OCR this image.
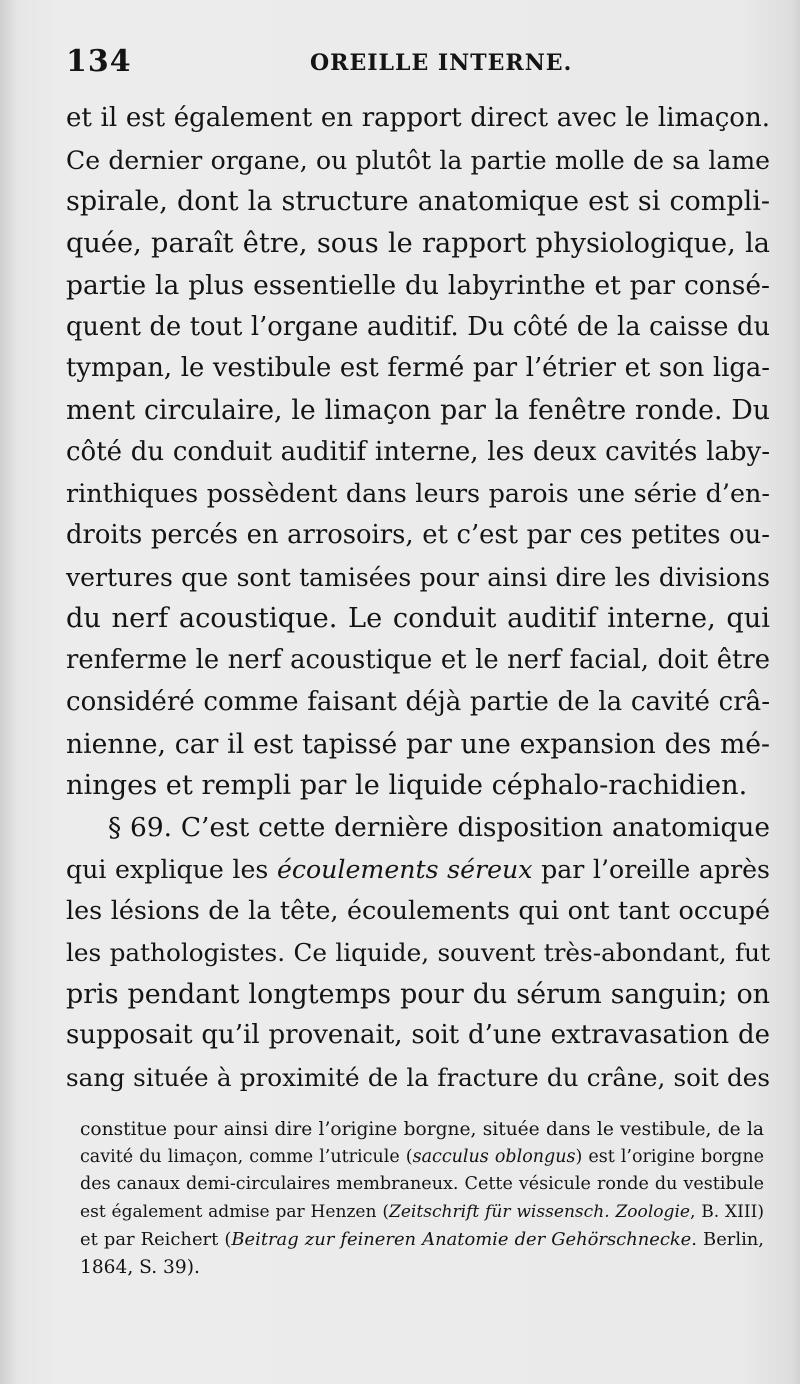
134	OREILLE INTERNE.
et il est également en rapport direct avec le limaçon.
Ce dernier organe, ou plutôt la partie molle de sa lame
spirale, dont la structure anatomique est si compli-
quée, paraît être, sous le rapport physiologique, la
partie la plus essentielle du labyrinthe et par consé-
quent de tout l’organe auditif. Du côté de la caisse du
tympan, le vestibule est fermé par l’étrier et son liga-
ment circulaire, le limaçon par la fenêtre ronde. Du
côté du conduit auditif interne, les deux cavités laby-
rinthiques possèdent dans leurs parois une série d’en-
droits percés en arrosoirs, et c’est par ces petites ou-
vertures que sont tamisées pour ainsi dire les divisions
du nerf acoustique. Le conduit auditif interne, qui
renferme le nerf acoustique et le nerf facial, doit être
considéré comme faisant déjà partie de la cavité crâ-
nienne, car il est tapissé par une expansion des mé-
ninges et rempli par le liquide céphalo-rachidien.
§ 69. C’est cette dernière disposition anatomique
qui explique les écoulements séreux par l’oreille après
les lésions de la tête, écoulements qui ont tant occupé
les pathologistes. Ce liquide, souvent très-abondant, fut
pris pendant longtemps pour du sérum sanguin; on
supposait qu’il provenait, soit d’une extravasation de
sang située à proximité de la fracture du crâne, soit des
constitue pour ainsi dire l’origine borgne, située dans le vestibule, de la
cavité du limaçon, comme l’utricule (sacculus oblongus) est l’origine borgne
des canaux demi-circulaires membraneux. Cette vésicule ronde du vestibule
est également admise par Henzen (Zeitschrift für wissensch. Zoologie, B. XIII)
et par Reichert (Beitrag zur feineren Anatomie der Gehörschnecke. Berlin,
1864, S. 39).
